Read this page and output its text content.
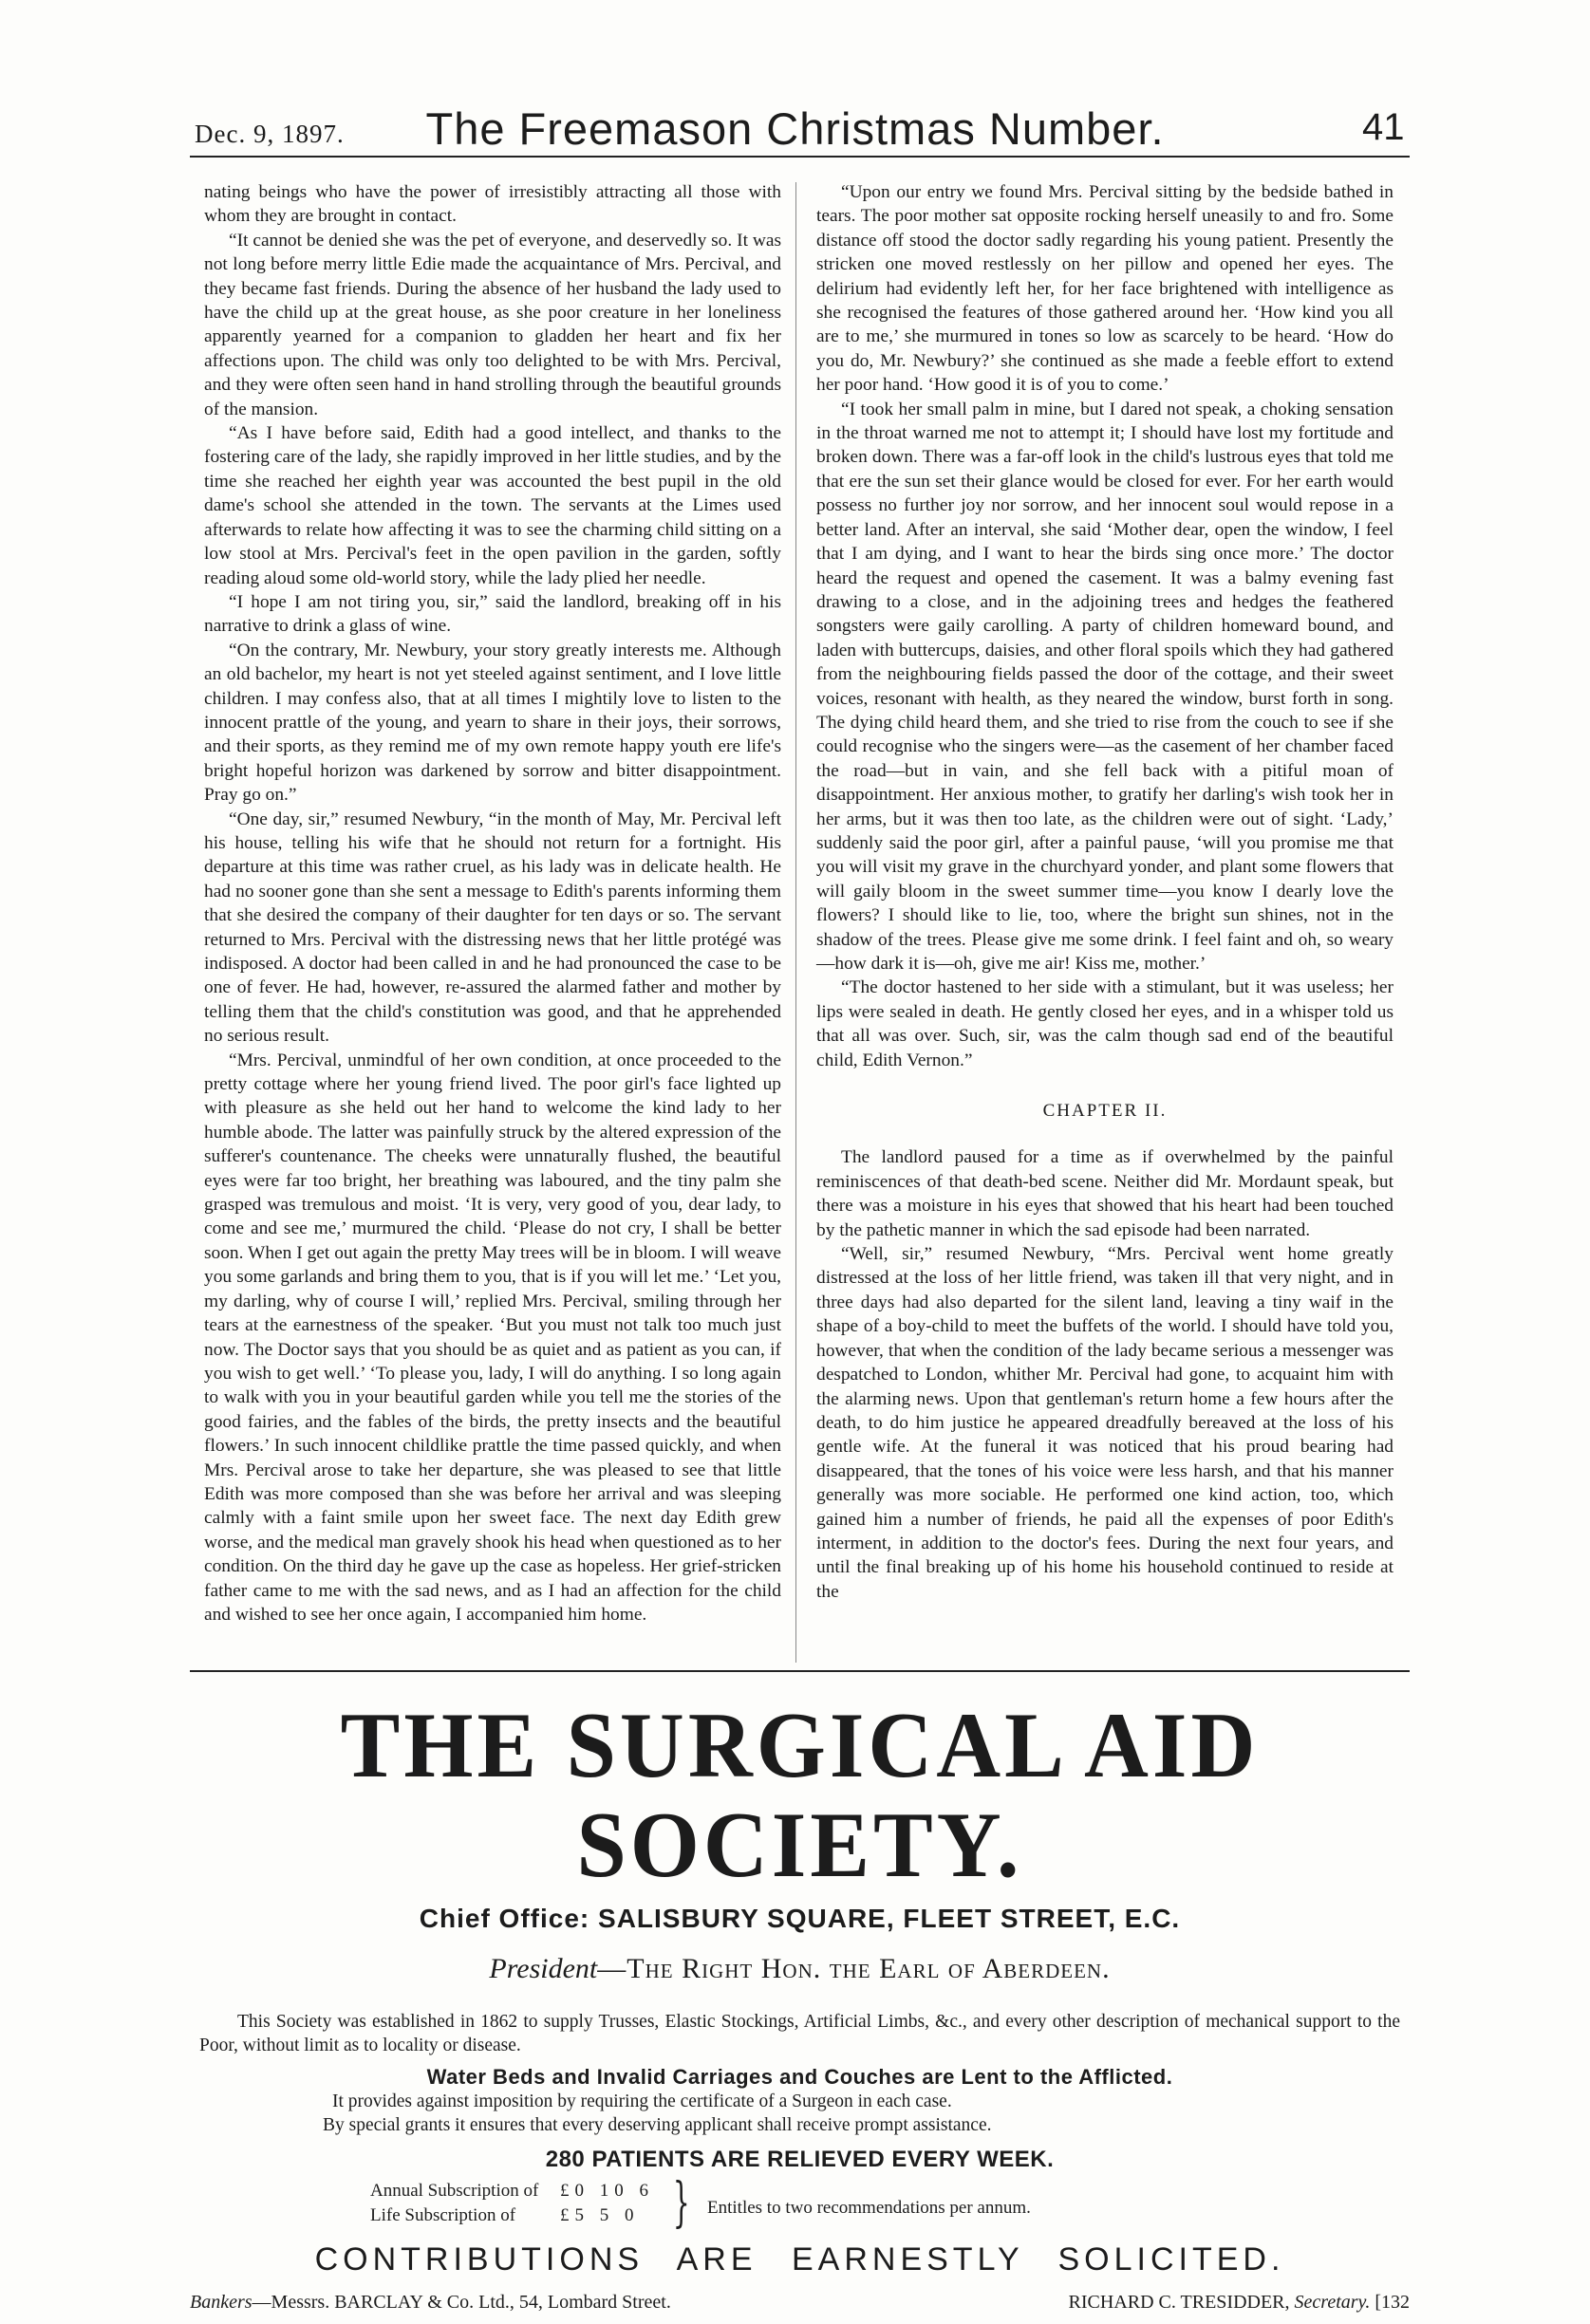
Dec. 9, 1897.	The Freemason Christmas Number.	41

nating beings who have the power of irresistibly attracting all those with whom they are brought in contact.

“It cannot be denied she was the pet of everyone, and deservedly so. It was not long before merry little Edie made the acquaintance of Mrs. Percival, and they became fast friends. During the absence of her husband the lady used to have the child up at the great house, as she poor creature in her loneliness apparently yearned for a companion to gladden her heart and fix her affections upon. The child was only too delighted to be with Mrs. Percival, and they were often seen hand in hand strolling through the beautiful grounds of the mansion.

“As I have before said, Edith had a good intellect, and thanks to the fostering care of the lady, she rapidly improved in her little studies, and by the time she reached her eighth year was accounted the best pupil in the old dame's school she attended in the town. The servants at the Limes used afterwards to relate how affecting it was to see the charming child sitting on a low stool at Mrs. Percival's feet in the open pavilion in the garden, softly reading aloud some old-world story, while the lady plied her needle.

“I hope I am not tiring you, sir,” said the landlord, breaking off in his narrative to drink a glass of wine.

“On the contrary, Mr. Newbury, your story greatly interests me. Although an old bachelor, my heart is not yet steeled against sentiment, and I love little children. I may confess also, that at all times I mightily love to listen to the innocent prattle of the young, and yearn to share in their joys, their sorrows, and their sports, as they remind me of my own remote happy youth ere life's bright hopeful horizon was darkened by sorrow and bitter disappointment. Pray go on.”

“One day, sir,” resumed Newbury, “in the month of May, Mr. Percival left his house, telling his wife that he should not return for a fortnight. His departure at this time was rather cruel, as his lady was in delicate health. He had no sooner gone than she sent a message to Edith's parents informing them that she desired the company of their daughter for ten days or so. The servant returned to Mrs. Percival with the distressing news that her little protégé was indisposed. A doctor had been called in and he had pronounced the case to be one of fever. He had, however, re-assured the alarmed father and mother by telling them that the child's constitution was good, and that he apprehended no serious result.

“Mrs. Percival, unmindful of her own condition, at once proceeded to the pretty cottage where her young friend lived. The poor girl's face lighted up with pleasure as she held out her hand to welcome the kind lady to her humble abode. The latter was painfully struck by the altered expression of the sufferer's countenance. The cheeks were unnaturally flushed, the beautiful eyes were far too bright, her breathing was laboured, and the tiny palm she grasped was tremulous and moist. ‘It is very, very good of you, dear lady, to come and see me,’ murmured the child. ‘Please do not cry, I shall be better soon. When I get out again the pretty May trees will be in bloom. I will weave you some garlands and bring them to you, that is if you will let me.’ ‘Let you, my darling, why of course I will,’ replied Mrs. Percival, smiling through her tears at the earnestness of the speaker. ‘But you must not talk too much just now. The Doctor says that you should be as quiet and as patient as you can, if you wish to get well.’ ‘To please you, lady, I will do anything. I so long again to walk with you in your beautiful garden while you tell me the stories of the good fairies, and the fables of the birds, the pretty insects and the beautiful flowers.’ In such innocent childlike prattle the time passed quickly, and when Mrs. Percival arose to take her departure, she was pleased to see that little Edith was more composed than she was before her arrival and was sleeping calmly with a faint smile upon her sweet face. The next day Edith grew worse, and the medical man gravely shook his head when questioned as to her condition. On the third day he gave up the case as hopeless. Her grief-stricken father came to me with the sad news, and as I had an affection for the child and wished to see her once again, I accompanied him home.

“Upon our entry we found Mrs. Percival sitting by the bedside bathed in tears. The poor mother sat opposite rocking herself uneasily to and fro. Some distance off stood the doctor sadly regarding his young patient. Presently the stricken one moved restlessly on her pillow and opened her eyes. The delirium had evidently left her, for her face brightened with intelligence as she recognised the features of those gathered around her. ‘How kind you all are to me,’ she murmured in tones so low as scarcely to be heard. ‘How do you do, Mr. Newbury?’ she continued as she made a feeble effort to extend her poor hand. ‘How good it is of you to come.’

“I took her small palm in mine, but I dared not speak, a choking sensation in the throat warned me not to attempt it; I should have lost my fortitude and broken down. There was a far-off look in the child's lustrous eyes that told me that ere the sun set their glance would be closed for ever. For her earth would possess no further joy nor sorrow, and her innocent soul would repose in a better land. After an interval, she said ‘Mother dear, open the window, I feel that I am dying, and I want to hear the birds sing once more.’ The doctor heard the request and opened the casement. It was a balmy evening fast drawing to a close, and in the adjoining trees and hedges the feathered songsters were gaily carolling. A party of children homeward bound, and laden with buttercups, daisies, and other floral spoils which they had gathered from the neighbouring fields passed the door of the cottage, and their sweet voices, resonant with health, as they neared the window, burst forth in song. The dying child heard them, and she tried to rise from the couch to see if she could recognise who the singers were—as the casement of her chamber faced the road—but in vain, and she fell back with a pitiful moan of disappointment. Her anxious mother, to gratify her darling's wish took her in her arms, but it was then too late, as the children were out of sight. ‘Lady,’ suddenly said the poor girl, after a painful pause, ‘will you promise me that you will visit my grave in the churchyard yonder, and plant some flowers that will gaily bloom in the sweet summer time—you know I dearly love the flowers? I should like to lie, too, where the bright sun shines, not in the shadow of the trees. Please give me some drink. I feel faint and oh, so weary—how dark it is—oh, give me air! Kiss me, mother.’

“The doctor hastened to her side with a stimulant, but it was useless; her lips were sealed in death. He gently closed her eyes, and in a whisper told us that all was over. Such, sir, was the calm though sad end of the beautiful child, Edith Vernon.”

CHAPTER II.

The landlord paused for a time as if overwhelmed by the painful reminiscences of that death-bed scene. Neither did Mr. Mordaunt speak, but there was a moisture in his eyes that showed that his heart had been touched by the pathetic manner in which the sad episode had been narrated.

“Well, sir,” resumed Newbury, “Mrs. Percival went home greatly distressed at the loss of her little friend, was taken ill that very night, and in three days had also departed for the silent land, leaving a tiny waif in the shape of a boy-child to meet the buffets of the world. I should have told you, however, that when the condition of the lady became serious a messenger was despatched to London, whither Mr. Percival had gone, to acquaint him with the alarming news. Upon that gentleman's return home a few hours after the death, to do him justice he appeared dreadfully bereaved at the loss of his gentle wife. At the funeral it was noticed that his proud bearing had disappeared, that the tones of his voice were less harsh, and that his manner generally was more sociable. He performed one kind action, too, which gained him a number of friends, he paid all the expenses of poor Edith's interment, in addition to the doctor's fees. During the next four years, and until the final breaking up of his home his household continued to reside at the

THE SURGICAL AID SOCIETY.
Chief Office: SALISBURY SQUARE, FLEET STREET, E.C.
President—The Right Hon. the Earl of Aberdeen.
This Society was established in 1862 to supply Trusses, Elastic Stockings, Artificial Limbs, &c., and every other description of mechanical support to the Poor, without limit as to locality or disease.
Water Beds and Invalid Carriages and Couches are Lent to the Afflicted.
It provides against imposition by requiring the certificate of a Surgeon in each case.
By special grants it ensures that every deserving applicant shall receive prompt assistance.
280 PATIENTS ARE RELIEVED EVERY WEEK.
Annual Subscription of £0 10 6
Life Subscription of £5 5 0 } Entitles to two recommendations per annum.
CONTRIBUTIONS ARE EARNESTLY SOLICITED.
Bankers—Messrs. BARCLAY & Co. Ltd., 54, Lombard Street.	RICHARD C. TRESIDDER, Secretary. [132
